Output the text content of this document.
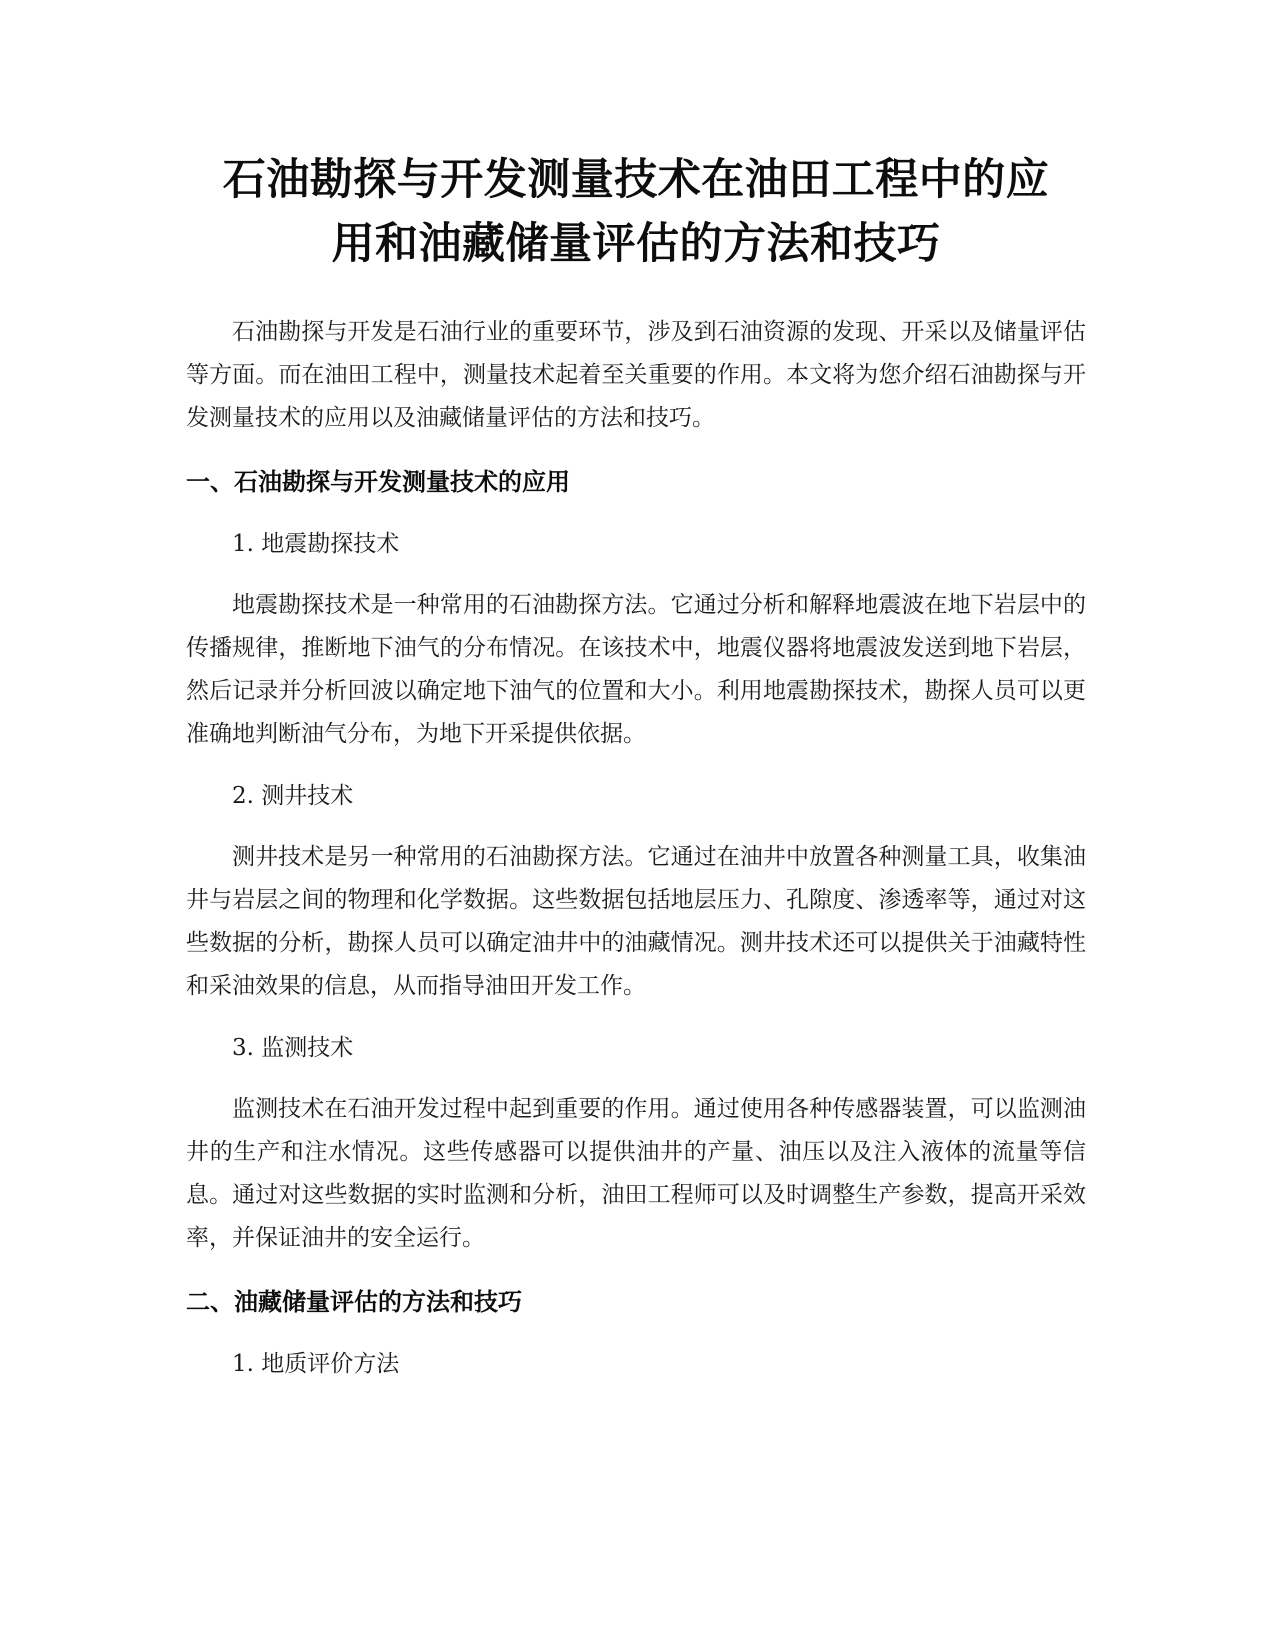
石油勘探与开发测量技术在油田工程中的应
用和油藏储量评估的方法和技巧

石油勘探与开发是石油行业的重要环节，涉及到石油资源的发现、开采以及储量评估等方面。而在油田工程中，测量技术起着至关重要的作用。本文将为您介绍石油勘探与开发测量技术的应用以及油藏储量评估的方法和技巧。

一、石油勘探与开发测量技术的应用

1. 地震勘探技术

地震勘探技术是一种常用的石油勘探方法。它通过分析和解释地震波在地下岩层中的传播规律，推断地下油气的分布情况。在该技术中，地震仪器将地震波发送到地下岩层，然后记录并分析回波以确定地下油气的位置和大小。利用地震勘探技术，勘探人员可以更准确地判断油气分布，为地下开采提供依据。

2. 测井技术

测井技术是另一种常用的石油勘探方法。它通过在油井中放置各种测量工具，收集油井与岩层之间的物理和化学数据。这些数据包括地层压力、孔隙度、渗透率等，通过对这些数据的分析，勘探人员可以确定油井中的油藏情况。测井技术还可以提供关于油藏特性和采油效果的信息，从而指导油田开发工作。

3. 监测技术

监测技术在石油开发过程中起到重要的作用。通过使用各种传感器装置，可以监测油井的生产和注水情况。这些传感器可以提供油井的产量、油压以及注入液体的流量等信息。通过对这些数据的实时监测和分析，油田工程师可以及时调整生产参数，提高开采效率，并保证油井的安全运行。

二、油藏储量评估的方法和技巧

1. 地质评价方法
